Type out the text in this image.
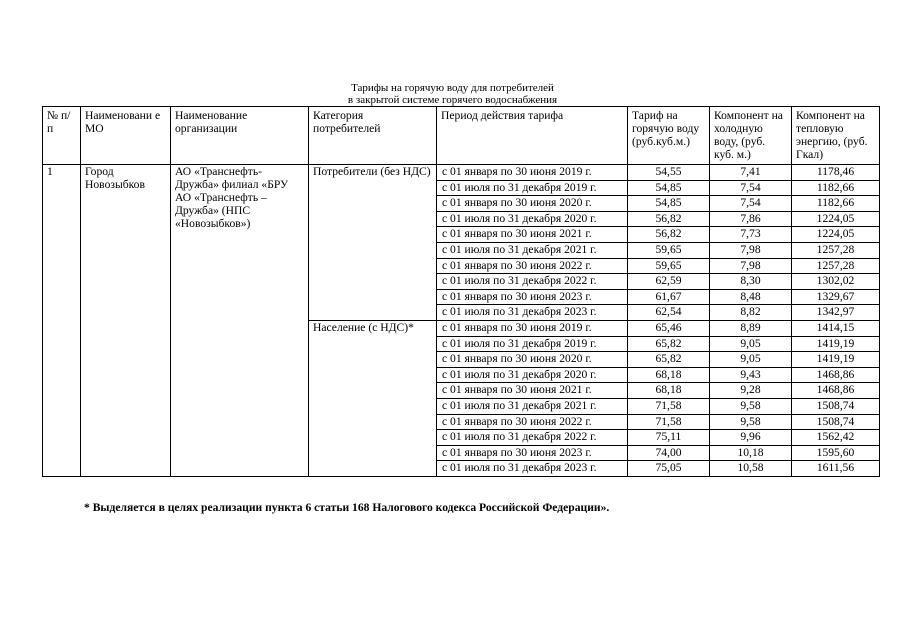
Тарифы на горячую воду для потребителей
в закрытой системе горячего водоснабжения
№ п/п	Наименовани е МО	Наименование организации	Категория потребителей	Период действия тарифа	Тариф на горячую воду (руб.куб.м.)	Компонент на холодную воду, (руб. куб. м.)	Компонент на тепловую энергию, (руб. Гкал)
1	Город Новозыбков	АО «Транснефть-Дружба» филиал «БРУ АО «Транснефть – Дружба» (НПС «Новозыбков»)	Потребители (без НДС)	с 01 января по 30 июня 2019 г.	54,55	7,41	1178,46
				с 01 июля по 31 декабря 2019 г.	54,85	7,54	1182,66
				с 01 января по 30 июня 2020 г.	54,85	7,54	1182,66
				с 01 июля по 31 декабря 2020 г.	56,82	7,86	1224,05
				с 01 января по 30 июня 2021 г.	56,82	7,73	1224,05
				с 01 июля по 31 декабря 2021 г.	59,65	7,98	1257,28
				с 01 января по 30 июня 2022 г.	59,65	7,98	1257,28
				с 01 июля по 31 декабря 2022 г.	62,59	8,30	1302,02
				с 01 января по 30 июня 2023 г.	61,67	8,48	1329,67
				с 01 июля по 31 декабря 2023 г.	62,54	8,82	1342,97
			Население (с НДС)*	с 01 января по 30 июня 2019 г.	65,46	8,89	1414,15
				с 01 июля по 31 декабря 2019 г.	65,82	9,05	1419,19
				с 01 января по 30 июня 2020 г.	65,82	9,05	1419,19
				с 01 июля по 31 декабря 2020 г.	68,18	9,43	1468,86
				с 01 января по 30 июня 2021 г.	68,18	9,28	1468,86
				с 01 июля по 31 декабря 2021 г.	71,58	9,58	1508,74
				с 01 января по 30 июня 2022 г.	71,58	9,58	1508,74
				с 01 июля по 31 декабря 2022 г.	75,11	9,96	1562,42
				с 01 января по 30 июня 2023 г.	74,00	10,18	1595,60
				с 01 июля по 31 декабря 2023 г.	75,05	10,58	1611,56
* Выделяется в целях реализации пункта 6 статьи 168 Налогового кодекса Российской Федерации».
